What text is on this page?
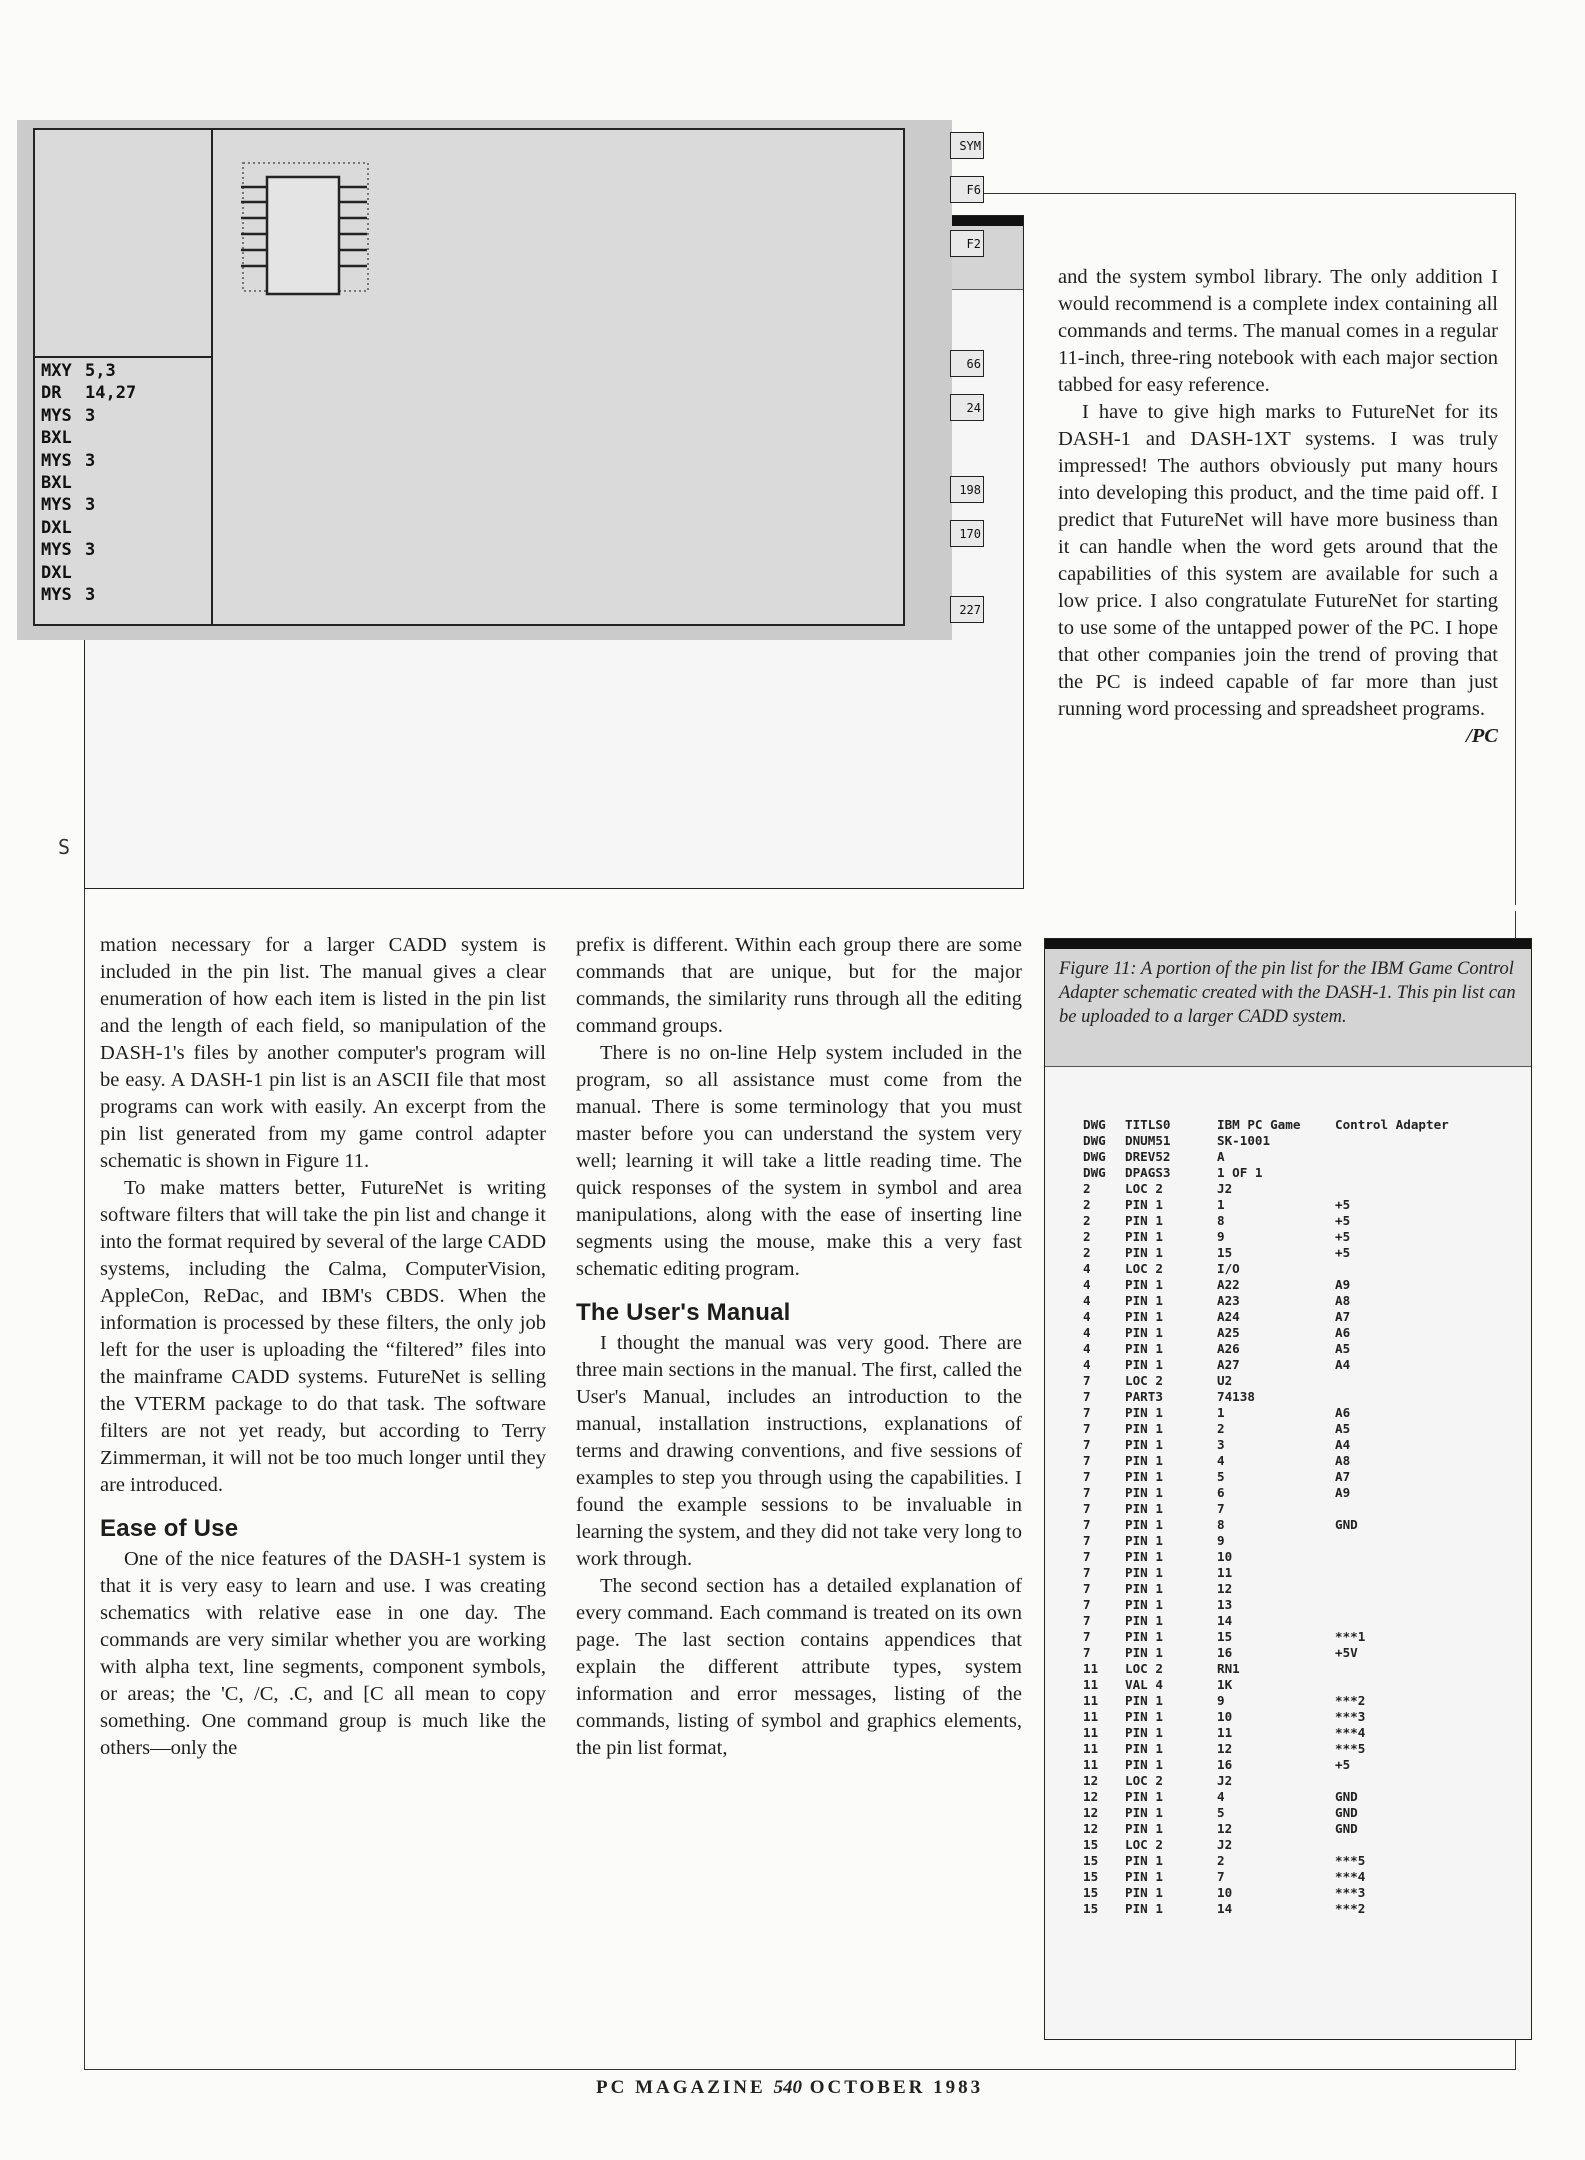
MXY 5,3
DR 14,27
MYS 3
BXL
MYS 3
BXL
MYS 3
DXL
MYS 3
DXL
MYS 3
SYM
F6
F2
66
24
198
170
227
S

and the system symbol library. The only addition I would recommend is a complete index containing all commands and terms. The manual comes in a regular 11-inch, three-ring notebook with each major section tabbed for easy reference.

I have to give high marks to FutureNet for its DASH-1 and DASH-1XT systems. I was truly impressed! The authors obviously put many hours into developing this product, and the time paid off. I predict that FutureNet will have more business than it can handle when the word gets around that the capabilities of this system are available for such a low price. I also congratulate FutureNet for starting to use some of the untapped power of the PC. I hope that other companies join the trend of proving that the PC is indeed capable of far more than just running word processing and spreadsheet programs.
/PC

mation necessary for a larger CADD system is included in the pin list. The manual gives a clear enumeration of how each item is listed in the pin list and the length of each field, so manipulation of the DASH-1's files by another computer's program will be easy. A DASH-1 pin list is an ASCII file that most programs can work with easily. An excerpt from the pin list generated from my game control adapter schematic is shown in Figure 11.

To make matters better, FutureNet is writing software filters that will take the pin list and change it into the format required by several of the large CADD systems, including the Calma, ComputerVision, AppleCon, ReDac, and IBM's CBDS. When the information is processed by these filters, the only job left for the user is uploading the “filtered” files into the mainframe CADD systems. FutureNet is selling the VTERM package to do that task. The software filters are not yet ready, but according to Terry Zimmerman, it will not be too much longer until they are introduced.

Ease of Use

One of the nice features of the DASH-1 system is that it is very easy to learn and use. I was creating schematics with relative ease in one day. The commands are very similar whether you are working with alpha text, line segments, component symbols, or areas; the 'C, /C, .C, and [C all mean to copy something. One command group is much like the others—only the

prefix is different. Within each group there are some commands that are unique, but for the major commands, the similarity runs through all the editing command groups.

There is no on-line Help system included in the program, so all assistance must come from the manual. There is some terminology that you must master before you can understand the system very well; learning it will take a little reading time. The quick responses of the system in symbol and area manipulations, along with the ease of inserting line segments using the mouse, make this a very fast schematic editing program.

The User's Manual

I thought the manual was very good. There are three main sections in the manual. The first, called the User's Manual, includes an introduction to the manual, installation instructions, explanations of terms and drawing conventions, and five sessions of examples to step you through using the capabilities. I found the example sessions to be invaluable in learning the system, and they did not take very long to work through.

The second section has a detailed explanation of every command. Each command is treated on its own page. The last section contains appendices that explain the different attribute types, system information and error messages, listing of the commands, listing of symbol and graphics elements, the pin list format,

Figure 11: A portion of the pin list for the IBM Game Control Adapter schematic created with the DASH-1. This pin list can be uploaded to a larger CADD system.
DWG TITLS0	IBM PC Game	Control Adapter
DWG DNUM51	SK-1001
DWG DREV52	A
DWG DPAGS3	1 OF 1
2	LOC 2	J2
2	PIN 1	1	+5
2	PIN 1	8	+5
2	PIN 1	9	+5
2	PIN 1	15	+5
4	LOC 2	I/O
4	PIN 1	A22	A9
4	PIN 1	A23	A8
4	PIN 1	A24	A7
4	PIN 1	A25	A6
4	PIN 1	A26	A5
4	PIN 1	A27	A4
7	LOC 2	U2
7	PART3	74138
7	PIN 1	1	A6
7	PIN 1	2	A5
7	PIN 1	3	A4
7	PIN 1	4	A8
7	PIN 1	5	A7
7	PIN 1	6	A9
7	PIN 1	7
7	PIN 1	8	GND
7	PIN 1	9
7	PIN 1	10
7	PIN 1	11
7	PIN 1	12
7	PIN 1	13
7	PIN 1	14
7	PIN 1	15	***1
7	PIN 1	16	+5V
11 LOC 2	RN1
11 VAL 4	1K
11 PIN 1	9	***2
11 PIN 1	10	***3
11 PIN 1	11	***4
11 PIN 1	12	***5
11 PIN 1	16	+5
12 LOC 2	J2
12 PIN 1	4	GND
12 PIN 1	5	GND
12 PIN 1	12	GND
15 LOC 2	J2
15 PIN 1	2	***5
15 PIN 1	7	***4
15 PIN 1	10	***3
15 PIN 1	14	***2
PC MAGAZINE 540 OCTOBER 1983
